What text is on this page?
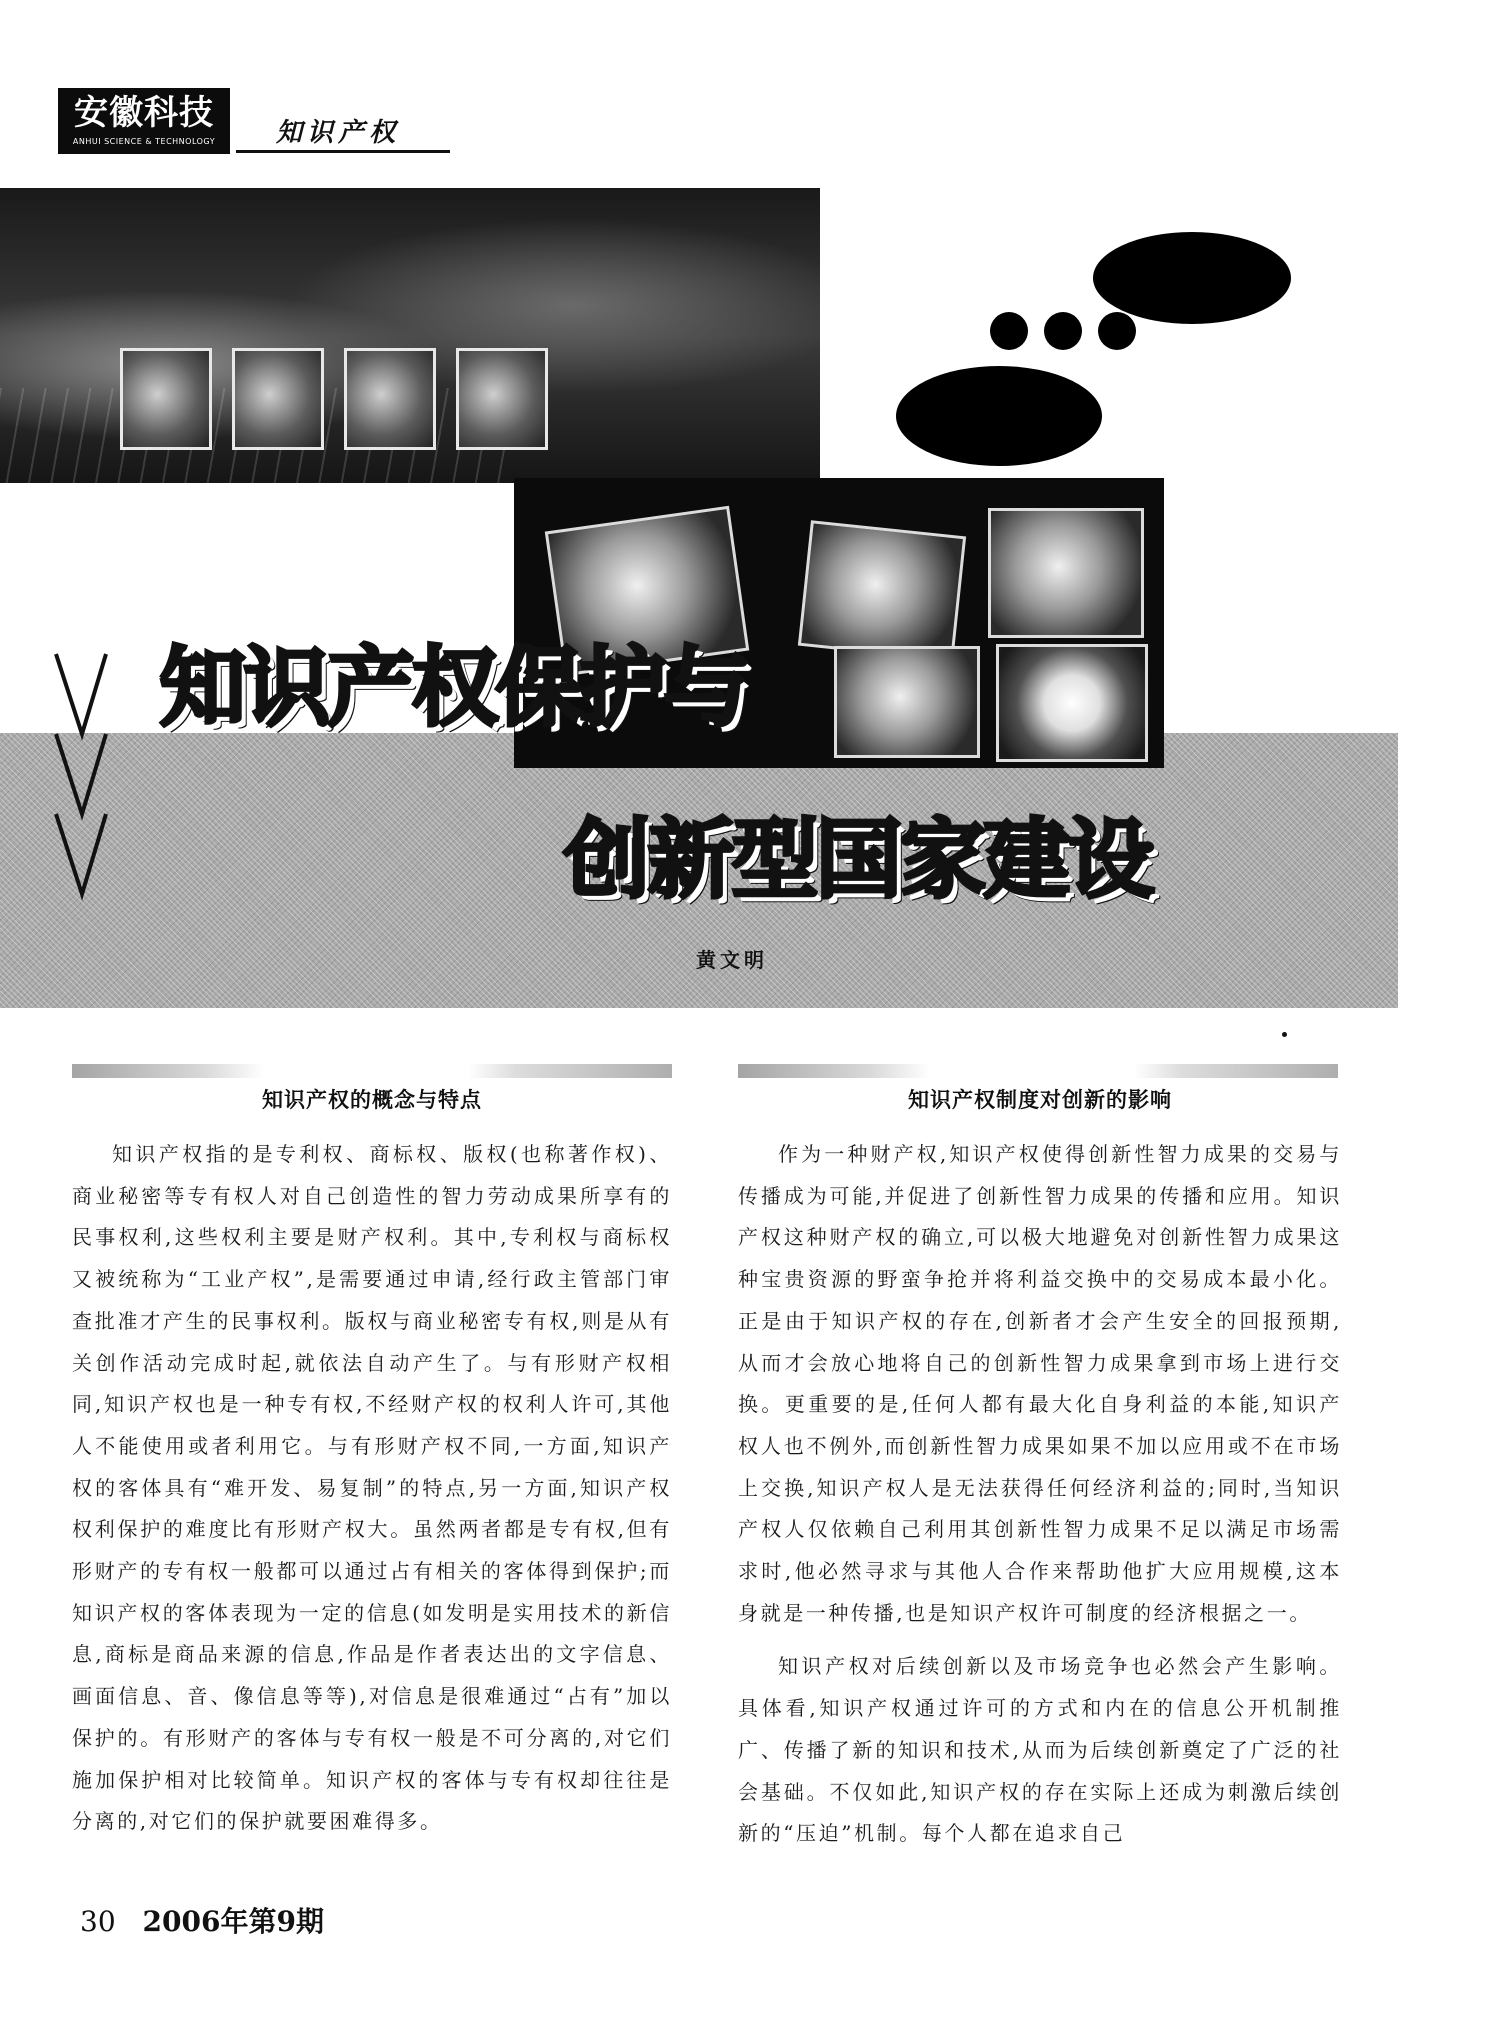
安徽科技
ANHUI SCIENCE & TECHNOLOGY	知识产权
知识产权保护与
创新型国家建设
黄文明
知识产权的概念与特点

知识产权指的是专利权、商标权、版权(也称著作权)、商业秘密等专有权人对自己创造性的智力劳动成果所享有的民事权利,这些权利主要是财产权利。其中,专利权与商标权又被统称为“工业产权”,是需要通过申请,经行政主管部门审查批准才产生的民事权利。版权与商业秘密专有权,则是从有关创作活动完成时起,就依法自动产生了。与有形财产权相同,知识产权也是一种专有权,不经财产权的权利人许可,其他人不能使用或者利用它。与有形财产权不同,一方面,知识产权的客体具有“难开发、易复制”的特点,另一方面,知识产权权利保护的难度比有形财产权大。虽然两者都是专有权,但有形财产的专有权一般都可以通过占有相关的客体得到保护;而知识产权的客体表现为一定的信息(如发明是实用技术的新信息,商标是商品来源的信息,作品是作者表达出的文字信息、画面信息、音、像信息等等),对信息是很难通过“占有”加以保护的。有形财产的客体与专有权一般是不可分离的,对它们施加保护相对比较简单。知识产权的客体与专有权却往往是分离的,对它们的保护就要困难得多。

知识产权制度对创新的影响

作为一种财产权,知识产权使得创新性智力成果的交易与传播成为可能,并促进了创新性智力成果的传播和应用。知识产权这种财产权的确立,可以极大地避免对创新性智力成果这种宝贵资源的野蛮争抢并将利益交换中的交易成本最小化。正是由于知识产权的存在,创新者才会产生安全的回报预期,从而才会放心地将自己的创新性智力成果拿到市场上进行交换。更重要的是,任何人都有最大化自身利益的本能,知识产权人也不例外,而创新性智力成果如果不加以应用或不在市场上交换,知识产权人是无法获得任何经济利益的;同时,当知识产权人仅依赖自己利用其创新性智力成果不足以满足市场需求时,他必然寻求与其他人合作来帮助他扩大应用规模,这本身就是一种传播,也是知识产权许可制度的经济根据之一。

知识产权对后续创新以及市场竞争也必然会产生影响。具体看,知识产权通过许可的方式和内在的信息公开机制推广、传播了新的知识和技术,从而为后续创新奠定了广泛的社会基础。不仅如此,知识产权的存在实际上还成为刺激后续创新的“压迫”机制。每个人都在追求自己

30 2006年第9期
